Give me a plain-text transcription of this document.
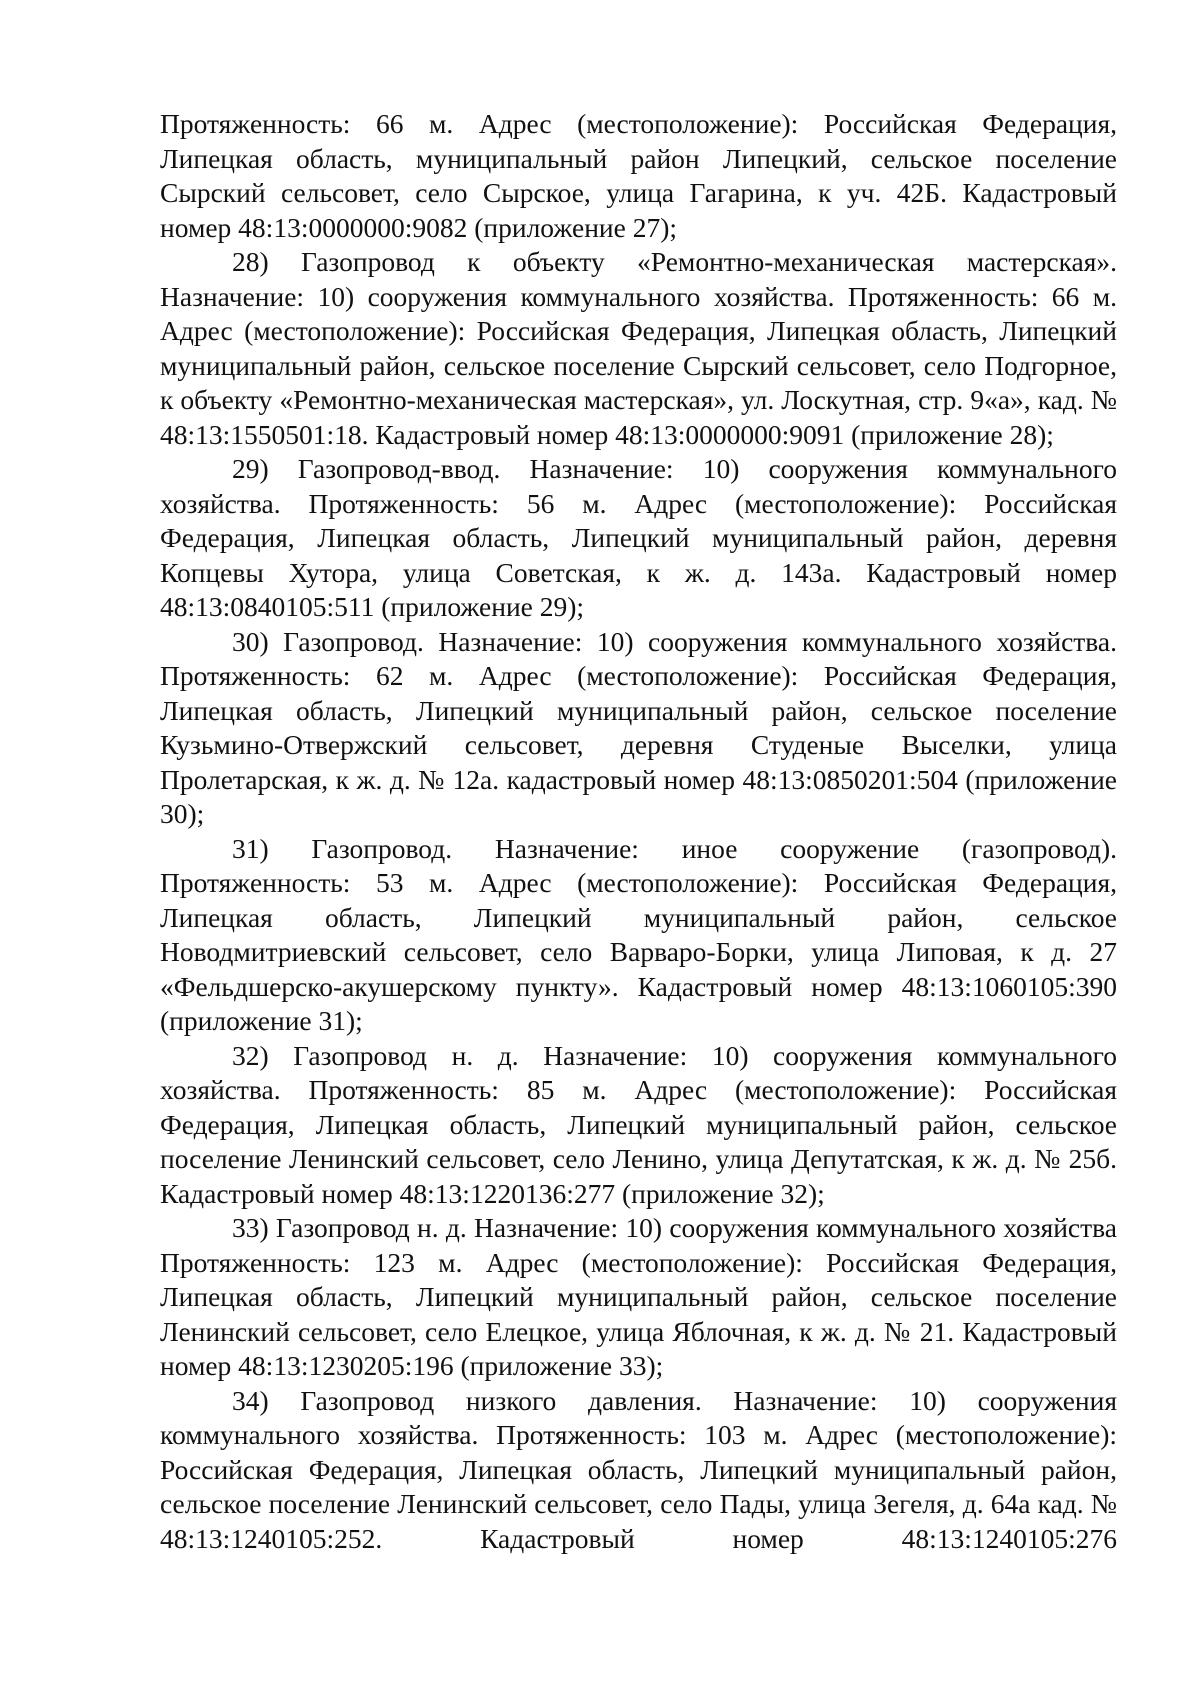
Протяженность: 66 м. Адрес (местоположение): Российская Федерация, Липецкая область, муниципальный район Липецкий, сельское поселение Сырский сельсовет, село Сырское, улица Гагарина, к уч. 42Б. Кадастровый номер 48:13:0000000:9082 (приложение 27);

28) Газопровод к объекту «Ремонтно-механическая мастерская». Назначение: 10) сооружения коммунального хозяйства. Протяженность: 66 м. Адрес (местоположение): Российская Федерация, Липецкая область, Липецкий муниципальный район, сельское поселение Сырский сельсовет, село Подгорное, к объекту «Ремонтно-механическая мастерская», ул. Лоскутная, стр. 9«а», кад. № 48:13:1550501:18. Кадастровый номер 48:13:0000000:9091 (приложение 28);

29) Газопровод-ввод. Назначение: 10) сооружения коммунального хозяйства. Протяженность: 56 м. Адрес (местоположение): Российская Федерация, Липецкая область, Липецкий муниципальный район, деревня Копцевы Хутора, улица Советская, к ж. д. 143а. Кадастровый номер 48:13:0840105:511 (приложение 29);

30) Газопровод. Назначение: 10) сооружения коммунального хозяйства. Протяженность: 62 м. Адрес (местоположение): Российская Федерация, Липецкая область, Липецкий муниципальный район, сельское поселение Кузьмино-Отвержский сельсовет, деревня Студеные Выселки, улица Пролетарская, к ж. д. № 12а. кадастровый номер 48:13:0850201:504 (приложение 30);

31) Газопровод. Назначение: иное сооружение (газопровод). Протяженность: 53 м. Адрес (местоположение): Российская Федерация, Липецкая область, Липецкий муниципальный район, сельское Новодмитриевский сельсовет, село Варваро-Борки, улица Липовая, к д. 27 «Фельдшерско-акушерскому пункту». Кадастровый номер 48:13:1060105:390 (приложение 31);

32) Газопровод н. д. Назначение: 10) сооружения коммунального хозяйства. Протяженность: 85 м. Адрес (местоположение): Российская Федерация, Липецкая область, Липецкий муниципальный район, сельское поселение Ленинский сельсовет, село Ленино, улица Депутатская, к ж. д. № 25б. Кадастровый номер 48:13:1220136:277 (приложение 32);

33) Газопровод н. д. Назначение: 10) сооружения коммунального хозяйства Протяженность: 123 м. Адрес (местоположение): Российская Федерация, Липецкая область, Липецкий муниципальный район, сельское поселение Ленинский сельсовет, село Елецкое, улица Яблочная, к ж. д. № 21. Кадастровый номер 48:13:1230205:196 (приложение 33);

34) Газопровод низкого давления. Назначение: 10) сооружения коммунального хозяйства. Протяженность: 103 м. Адрес (местоположение): Российская Федерация, Липецкая область, Липецкий муниципальный район, сельское поселение Ленинский сельсовет, село Пады, улица Зегеля, д. 64а кад. № 48:13:1240105:252. Кадастровый номер 48:13:1240105:276
